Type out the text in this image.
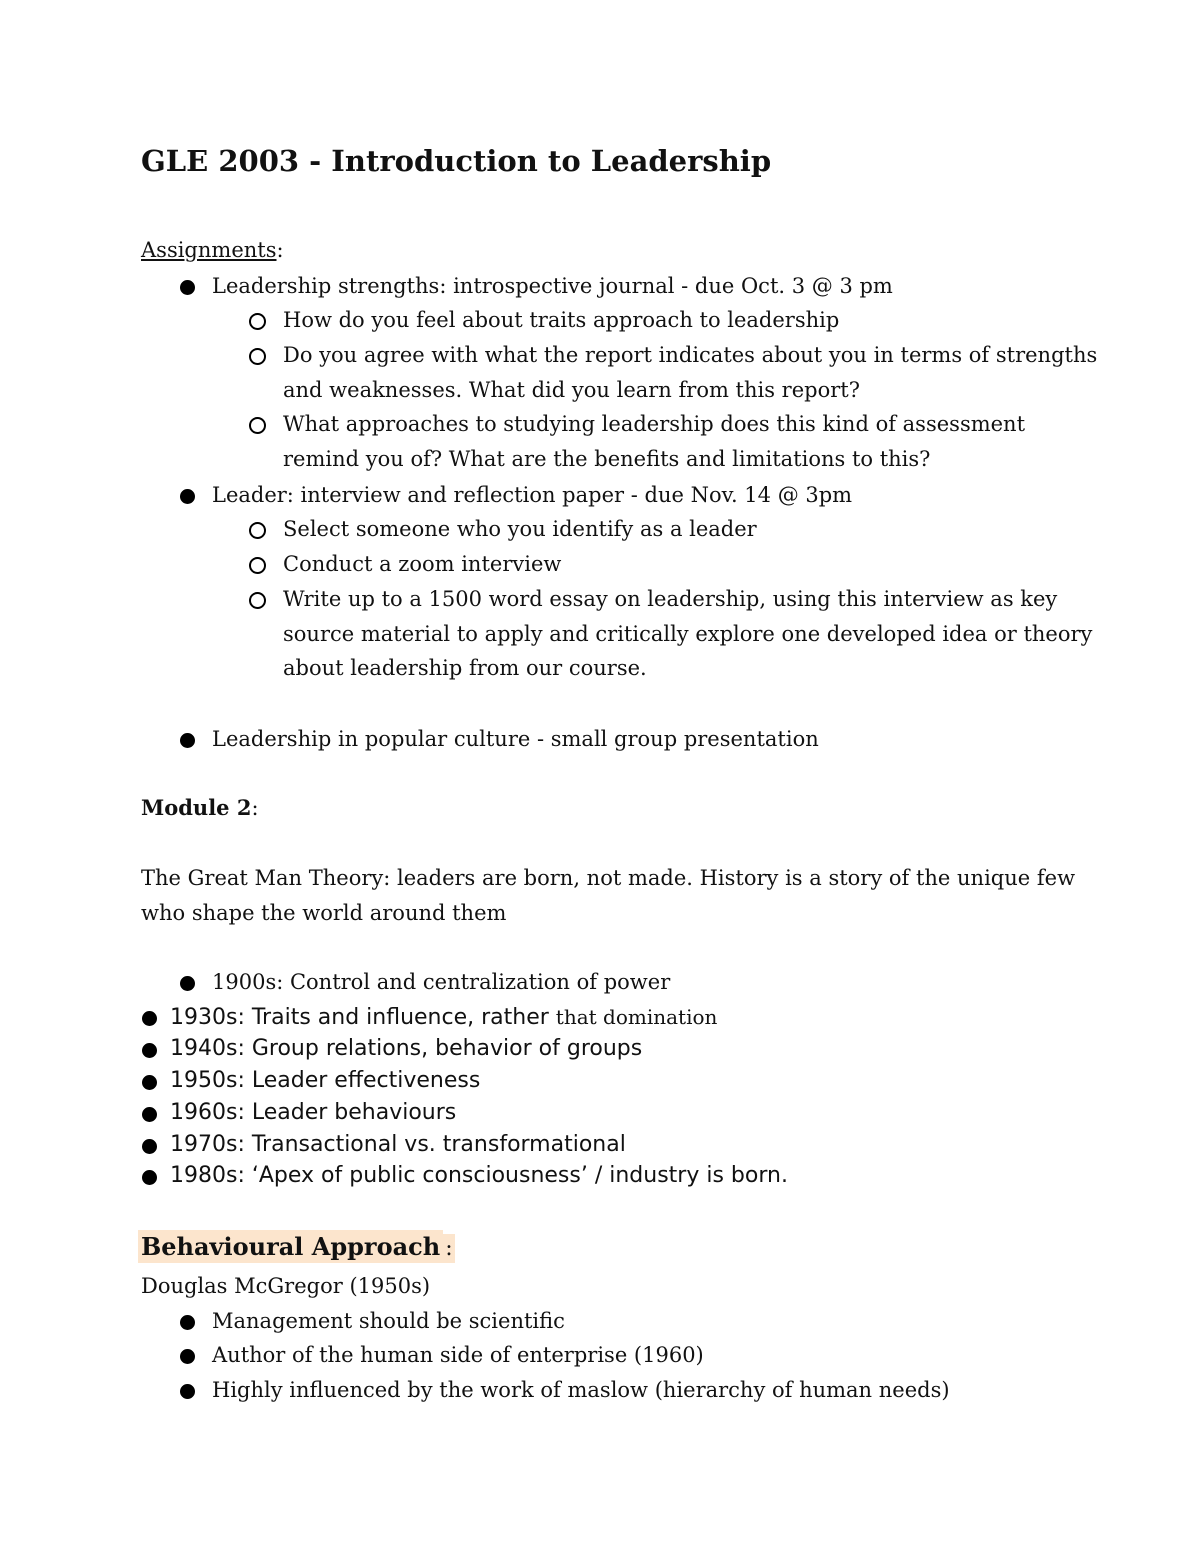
GLE 2003 - Introduction to Leadership
Assignments:
Leadership strengths: introspective journal - due Oct. 3 @ 3 pm
How do you feel about traits approach to leadership
Do you agree with what the report indicates about you in terms of strengths
and weaknesses. What did you learn from this report?
What approaches to studying leadership does this kind of assessment
remind you of? What are the benefits and limitations to this?
Leader: interview and reflection paper - due Nov. 14 @ 3pm
Select someone who you identify as a leader
Conduct a zoom interview
Write up to a 1500 word essay on leadership, using this interview as key
source material to apply and critically explore one developed idea or theory
about leadership from our course.
Leadership in popular culture - small group presentation
Module 2:
The Great Man Theory: leaders are born, not made. History is a story of the unique few
who shape the world around them
1900s: Control and centralization of power
1930s: Traits and influence, rather that domination
1940s: Group relations, behavior of groups
1950s: Leader effectiveness
1960s: Leader behaviours
1970s: Transactional vs. transformational
1980s: ‘Apex of public consciousness’ / industry is born.
Behavioural Approach :
Douglas McGregor (1950s)
Management should be scientific
Author of the human side of enterprise (1960)
Highly influenced by the work of maslow (hierarchy of human needs)
